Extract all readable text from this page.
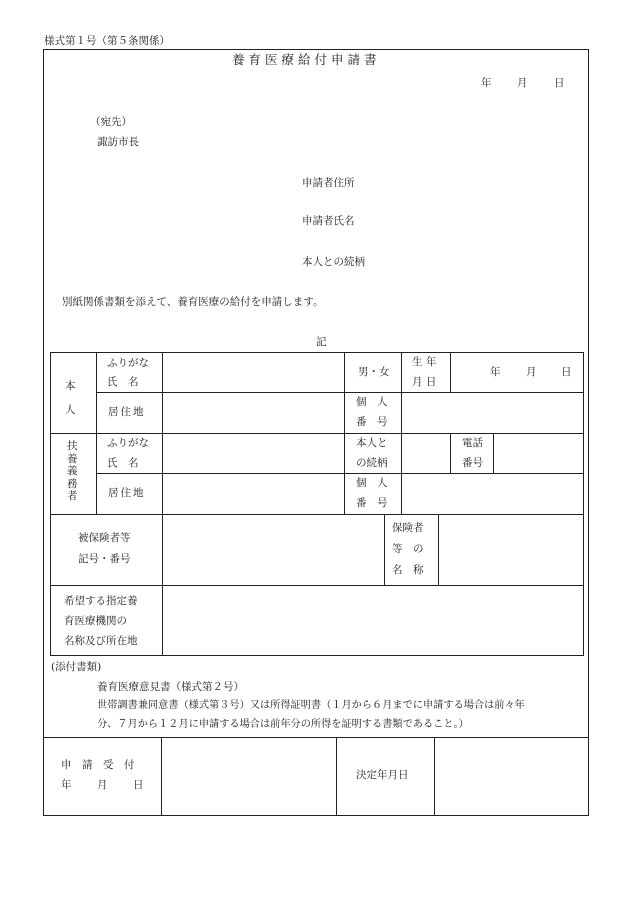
様式第１号（第５条関係）
養育医療給付申請書
年 月	日
（宛先）
諏訪市長
申請者住所
申請者氏名
本人との続柄
別紙関係書類を添えて、養育医療の給付を申請します。
記
本人
ふりがな
氏　名
男・女
生 年
月 日
年 月 日
居住地
個　人
番　号
扶養義務者
ふりがな
氏　名
本人と
の続柄
電話
番号
居住地
個　人
番　号
被保険者等
記号・番号
保険者
等　の
名　称
希望する指定養
育医療機関の
名称及び所在地
(添付書類)
養育医療意見書（様式第２号）
世帯調書兼同意書（様式第３号）又は所得証明書（１月から６月までに申請する場合は前々年
分、７月から１２月に申請する場合は前年分の所得を証明する書類であること。）
申　請　受　付
年 月 日
決定年月日
